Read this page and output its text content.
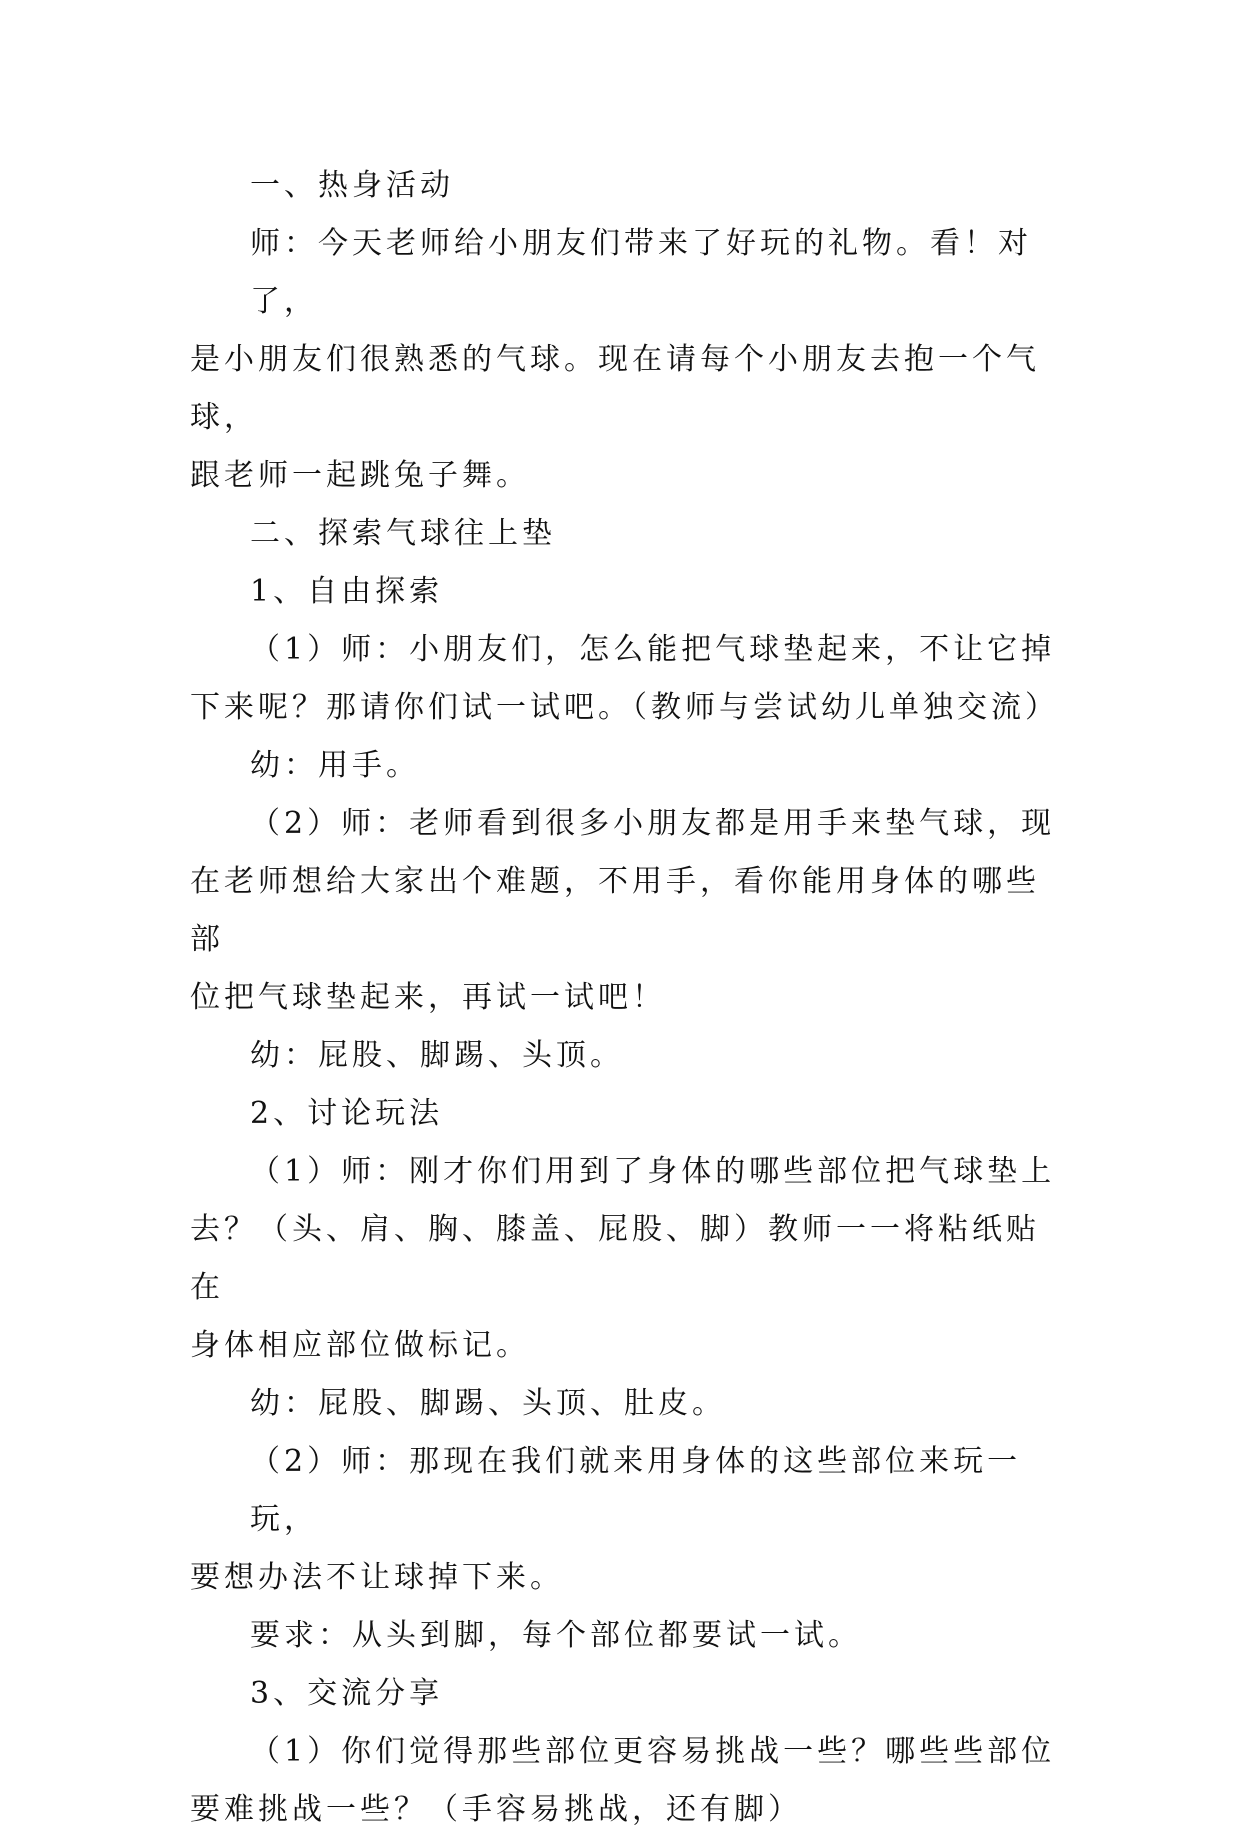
一、热身活动

师：今天老师给小朋友们带来了好玩的礼物。看！对了，
是小朋友们很熟悉的气球。现在请每个小朋友去抱一个气球，
跟老师一起跳兔子舞。

二、探索气球往上垫

1、自由探索

（1）师：小朋友们，怎么能把气球垫起来，不让它掉
下来呢？那请你们试一试吧。（教师与尝试幼儿单独交流）

幼：用手。

（2）师：老师看到很多小朋友都是用手来垫气球，现
在老师想给大家出个难题，不用手，看你能用身体的哪些部
位把气球垫起来，再试一试吧！

幼：屁股、脚踢、头顶。

2、讨论玩法

（1）师：刚才你们用到了身体的哪些部位把气球垫上
去？（头、肩、胸、膝盖、屁股、脚）教师一一将粘纸贴在
身体相应部位做标记。

幼：屁股、脚踢、头顶、肚皮。

（2）师：那现在我们就来用身体的这些部位来玩一玩，
要想办法不让球掉下来。

要求：从头到脚，每个部位都要试一试。

3、交流分享

（1）你们觉得那些部位更容易挑战一些？哪些些部位
要难挑战一些？（手容易挑战，还有脚）
